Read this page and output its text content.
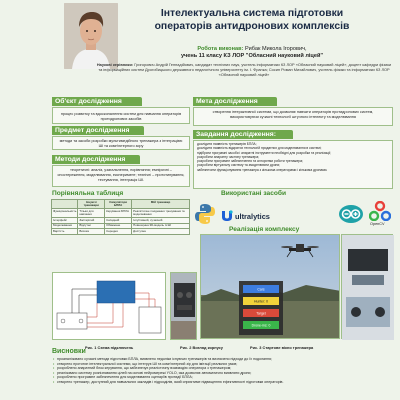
Інтелектуальна система підготовки
операторів антидронових комплексів
Робота виконав: Рибак Микола Ігорович,
учень 11 класу КЗ ЛОР "Обласний науковий ліцей"
Наукові керівники: Григорович Андрій Геннадійович, кандидат технічних наук, учитель інформатики КЗ ЛОР «Обласний науковий ліцей», доцент кафедри фізики та інформаційних систем Дрогобицького державного педагогічного університету ім. І. Франка; Сосин Роман Михайлович, учитель фізики та інформатики КЗ ЛОР «Обласний науковий ліцей»
Об'єкт дослідження
процес розвитку та вдосконалення систем для навчання операторів протидронових засобів
Мета дослідження
створення інтерактивної системи, що дозволяє навчати операторів протидронових систем, використовуючи сучасні технології штучного інтелекту та моделювання
Предмет дослідження
методи та засоби розробки мультимедійного тренажера з інтеграцією ШІ та комп'ютерного зору
Завдання дослідження:
дослідити наявність тренажерів БПЛА;
дослідити наявність відкритих технологій придатних для моделювання в системі;
підібрати програмні засоби і апаратні інструменти необхідні для розробки та реалізації;
розробити апаратну частину тренажера;
розробити програмне забезпечення та алгоритми роботи тренажера;
розробити віртуальну систему та змоделювати дрони;
забезпечити функціонування тренажера з кількома операторами і кількома дронами.
Методи дослідження
теоретичні: аналіз, узагальнення, порівняння; емпіричні – спостереження, моделювання, експеримент; технічні – прототипування, тестування, інтеграція ШІ.
Порівняльна таблиця
	Існуючі тренажери	Симулятори БПЛА	Мій тренажер
Функціональність	Тільки для навчання	Керування БПЛА	Реалістичне поєднання тренування та моделювання
Інтерфейс	Застарілий	Складний	Інтуїтивний, сучасний
Моделювання	Відсутнє	Обмежене	Повноцінна 3D-модель із ШІ
Вартість	Висока	Середня	Доступна
Використані засоби
ultralytics
OpenCV
Реалізація комплексу
Cars
Hunter: 0
Target
Drone-ms: 0
Рис. 1 Схема підключень	Рис. 2 Вигляд корпусу	Рис. 3 Стартове вікно тренажера
Висновки
• проаналізовано сучасні методи підготовки БПЛА, виявлено недоліки існуючих тренажерів та визначено підходи до їх подолання;
• створено прототип інтелектуальної системи, що інтегрує ШІ та комп'ютерний зір для імітації реальних умов;
• розроблено апаратний блок керування, що забезпечує реалістичну взаємодію оператора з тренажером;
• реалізовано систему розпізнавання цілей на основі нейромережі YOLO, яка дозволяє автоматично виявляти дрони;
• розроблено програмне забезпечення для моделювання сценаріїв протидії БПЛА;
• створено тренажер, доступний для навчальних закладів і підрозділів, який сприятиме підвищенню ефективності підготовки операторів.
